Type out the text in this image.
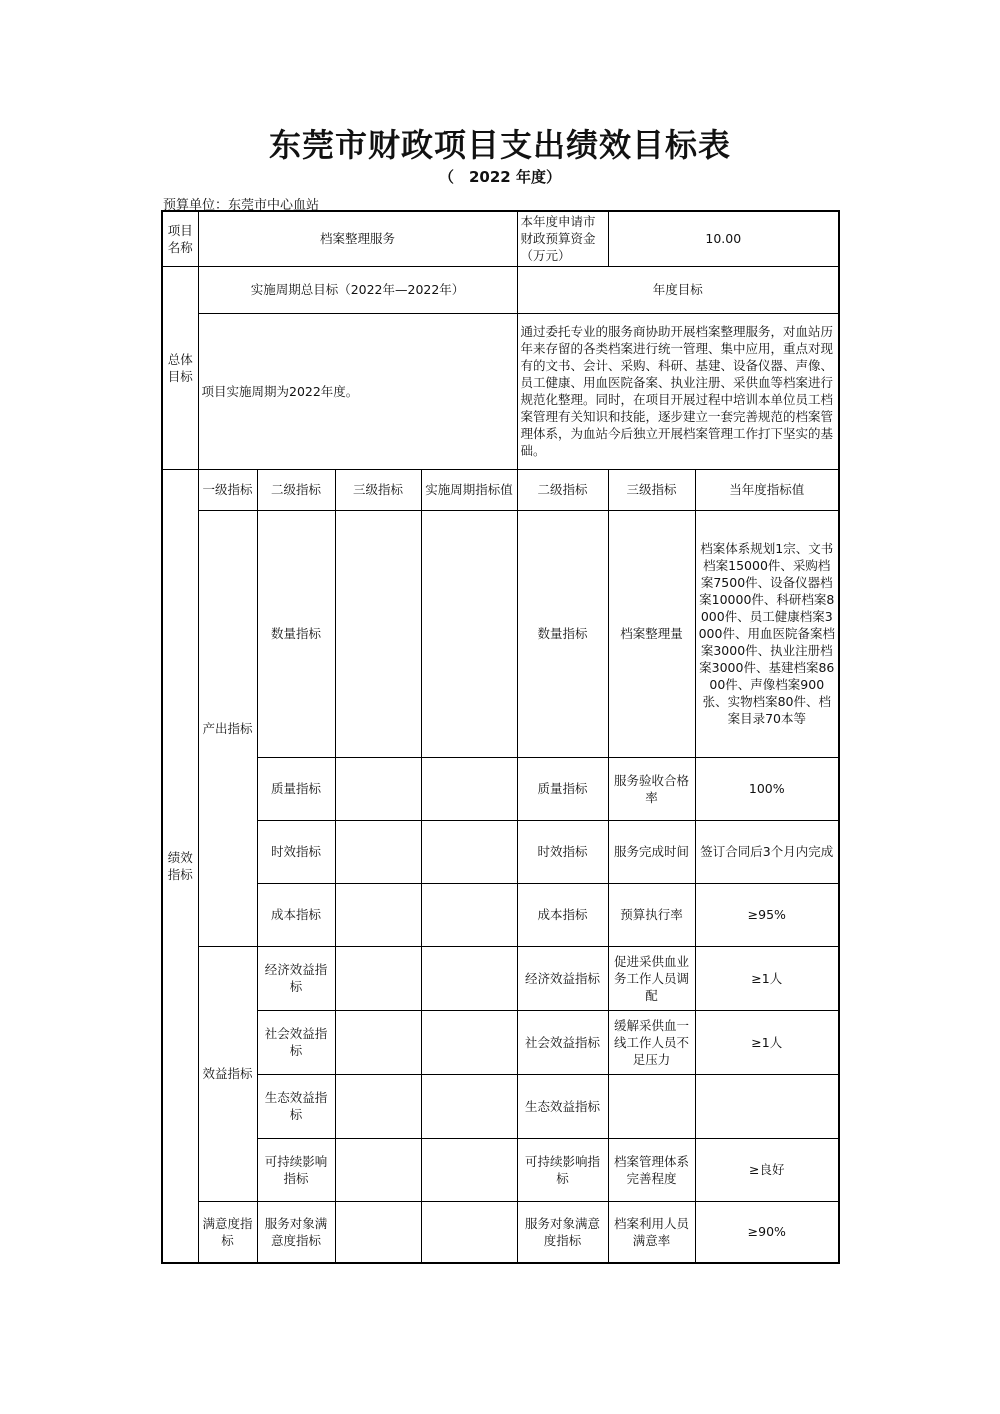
东莞市财政项目支出绩效目标表
（　2022 年度）
预算单位：东莞市中心血站
项目名称	档案整理服务				本年度申请市财政预算资金（万元）	10.00	
总体目标	实施周期总目标（2022年—2022年）				年度目标		
	项目实施周期为2022年度。				通过委托专业的服务商协助开展档案整理服务，对血站历年来存留的各类档案进行统一管理、集中应用，重点对现有的文书、会计、采购、科研、基建、设备仪器、声像、员工健康、用血医院备案、执业注册、采供血等档案进行规范化整理。同时，在项目开展过程中培训本单位员工档案管理有关知识和技能，逐步建立一套完善规范的档案管理体系，为血站今后独立开展档案管理工作打下坚实的基础。		
绩效指标	一级指标	二级指标	三级指标	实施周期指标值	二级指标	三级指标	当年度指标值
	产出指标	数量指标			数量指标	档案整理量	档案体系规划1宗、文书档案15000件、采购档案7500件、设备仪器档案10000件、科研档案8000件、员工健康档案3000件、用血医院备案档案3000件、执业注册档案3000件、基建档案8600件、声像档案900张、实物档案80件、档案目录70本等
		质量指标			质量指标	服务验收合格率	100%
		时效指标			时效指标	服务完成时间	签订合同后3个月内完成
		成本指标			成本指标	预算执行率	≥95%
	效益指标	经济效益指标			经济效益指标	促进采供血业务工作人员调配	≥1人
		社会效益指标			社会效益指标	缓解采供血一线工作人员不足压力	≥1人
		生态效益指标			生态效益指标		
		可持续影响指标			可持续影响指标	档案管理体系完善程度	≥良好
	满意度指标	服务对象满意度指标			服务对象满意度指标	档案利用人员满意率	≥90%
